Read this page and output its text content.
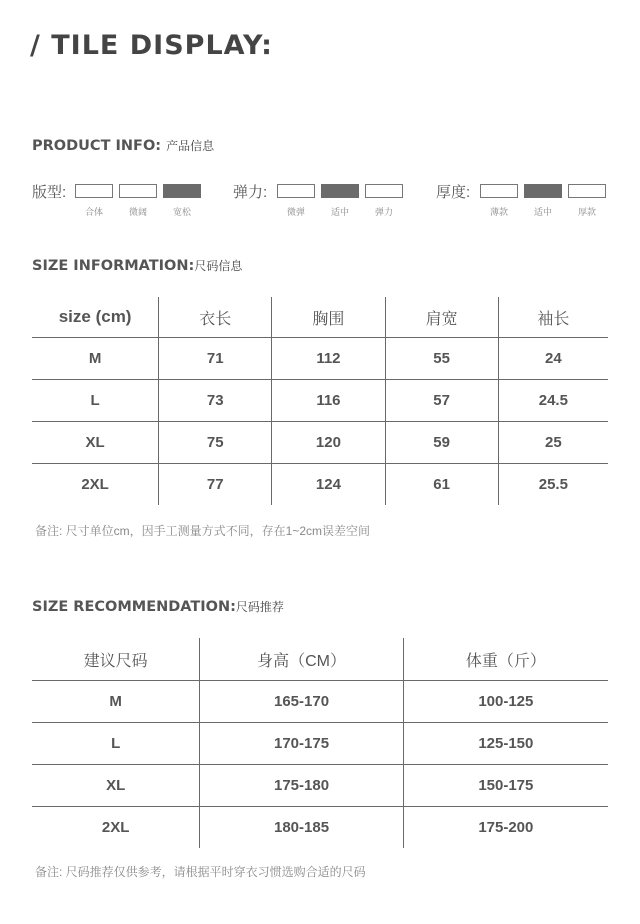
/ TILE DISPLAY:
PRODUCT INFO: 产品信息
版型:
合体	微阔	宽松
弹力:
微弹	适中	弹力
厚度:
薄款	适中	厚款
SIZE INFORMATION:尺码信息
size (cm)	衣长	胸围	肩宽	袖长
M	71	112	55	24
L	73	116	57	24.5
XL	75	120	59	25
2XL	77	124	61	25.5
备注: 尺寸单位cm，因手工测量方式不同，存在1~2cm误差空间
SIZE RECOMMENDATION:尺码推荐
建议尺码	身高（CM）	体重（斤）
M	165-170	100-125
L	170-175	125-150
XL	175-180	150-175
2XL	180-185	175-200
备注: 尺码推荐仅供参考，请根据平时穿衣习惯选购合适的尺码
